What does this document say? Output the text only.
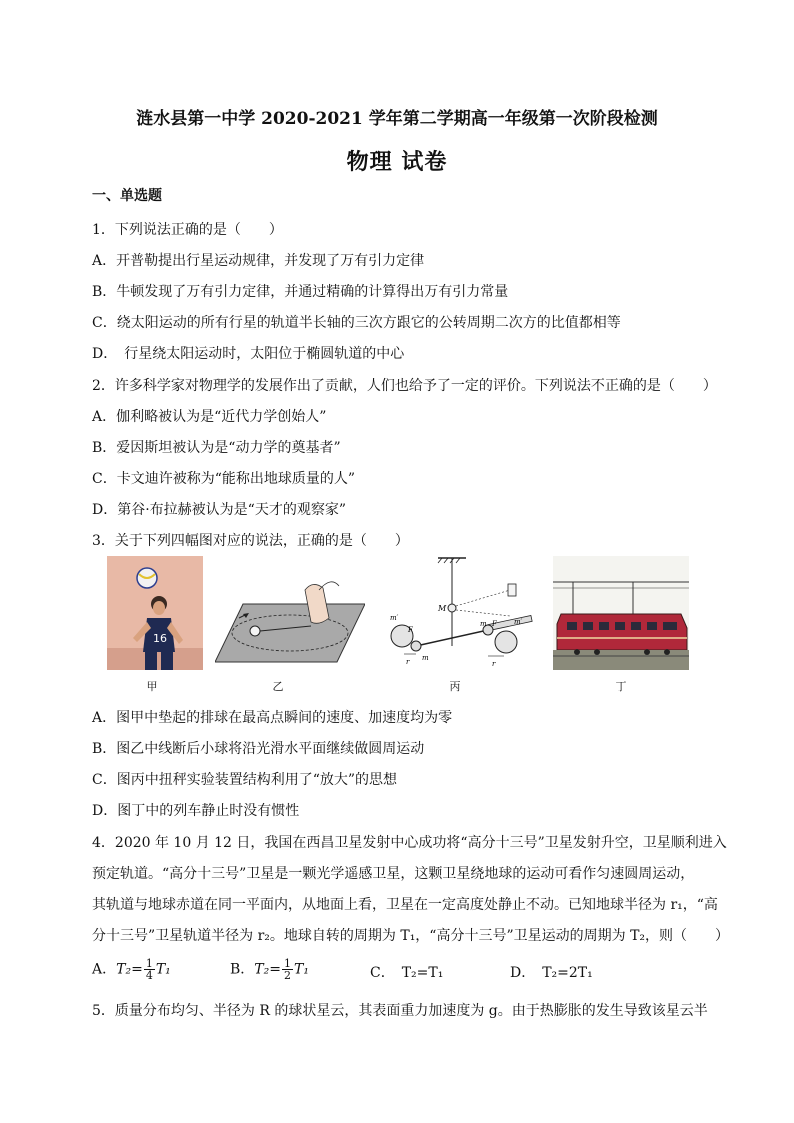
涟水县第一中学 2020-2021 学年第二学期高一年级第一次阶段检测
物理 试卷
一、单选题
1．下列说法正确的是（　　）
A．开普勒提出行星运动规律，并发现了万有引力定律
B．牛顿发现了万有引力定律，并通过精确的计算得出万有引力常量
C．绕太阳运动的所有行星的轨道半长轴的三次方跟它的公转周期二次方的比值都相等
D．　行星绕太阳运动时，太阳位于椭圆轨道的中心
2．许多科学家对物理学的发展作出了贡献，人们也给予了一定的评价。下列说法不正确的是（　　）
A．伽利略被认为是“近代力学创始人”
B．爱因斯坦被认为是“动力学的奠基者”
C．卡文迪许被称为“能称出地球质量的人”
D．第谷·布拉赫被认为是“天才的观察家”
3．关于下列四幅图对应的说法，正确的是（　　）
16
甲	乙
M
m′	m′
F
F
m
m
r	r
丙	丁
A．图甲中垫起的排球在最高点瞬间的速度、加速度均为零
B．图乙中线断后小球将沿光滑水平面继续做圆周运动
C．图丙中扭秤实验装置结构利用了“放大”的思想
D．图丁中的列车静止时没有惯性
4．2020 年 10 月 12 日，我国在西昌卫星发射中心成功将“高分十三号”卫星发射升空，卫星顺利进入
预定轨道。“高分十三号”卫星是一颗光学遥感卫星，这颗卫星绕地球的运动可看作匀速圆周运动，
其轨道与地球赤道在同一平面内，从地面上看，卫星在一定高度处静止不动。已知地球半径为 r₁，“高
分十三号”卫星轨道半径为 r₂。地球自转的周期为 T₁，“高分十三号”卫星运动的周期为 T₂，则（　　）
A．$T_2= \frac{1}{4} T_1$	B．$T_2= \frac{1}{2} T_1$	C．　T₂=T₁	D．　T₂=2T₁
5．质量分布均匀、半径为 R 的球状星云，其表面重力加速度为 g。由于热膨胀的发生导致该星云半
